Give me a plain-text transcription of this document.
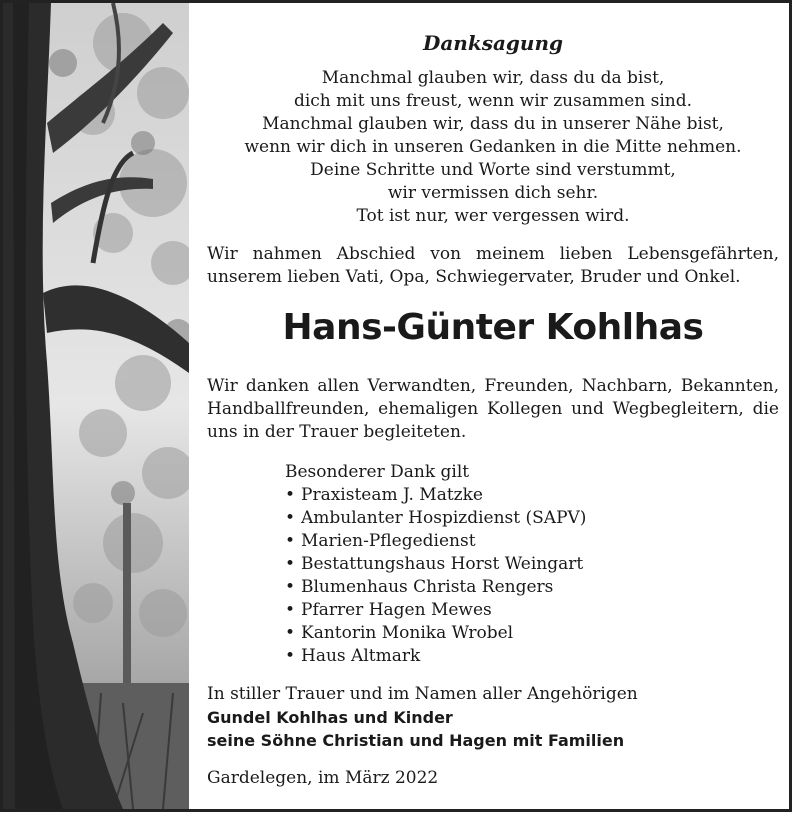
Danksagung
Manchmal glauben wir, dass du da bist,
dich mit uns freust, wenn wir zusammen sind.
Manchmal glauben wir, dass du in unserer Nähe bist,
wenn wir dich in unseren Gedanken in die Mitte nehmen.
Deine Schritte und Worte sind verstummt,
wir vermissen dich sehr.
Tot ist nur, wer vergessen wird.
Wir nahmen Abschied von meinem lieben Lebensgefährten,
unserem lieben Vati, Opa, Schwiegervater, Bruder und Onkel.
Hans-Günter Kohlhas
Wir danken allen Verwandten, Freunden, Nachbarn, Bekannten,
Handballfreunden, ehemaligen Kollegen und Wegbegleitern, die
uns in der Trauer begleiteten.
Besonderer Dank gilt
• Praxisteam J. Matzke
• Ambulanter Hospizdienst (SAPV)
• Marien-Pflegedienst
• Bestattungshaus Horst Weingart
• Blumenhaus Christa Rengers
• Pfarrer Hagen Mewes
• Kantorin Monika Wrobel
• Haus Altmark
In stiller Trauer und im Namen aller Angehörigen
Gundel Kohlhas und Kinder
seine Söhne Christian und Hagen mit Familien
Gardelegen, im März 2022
